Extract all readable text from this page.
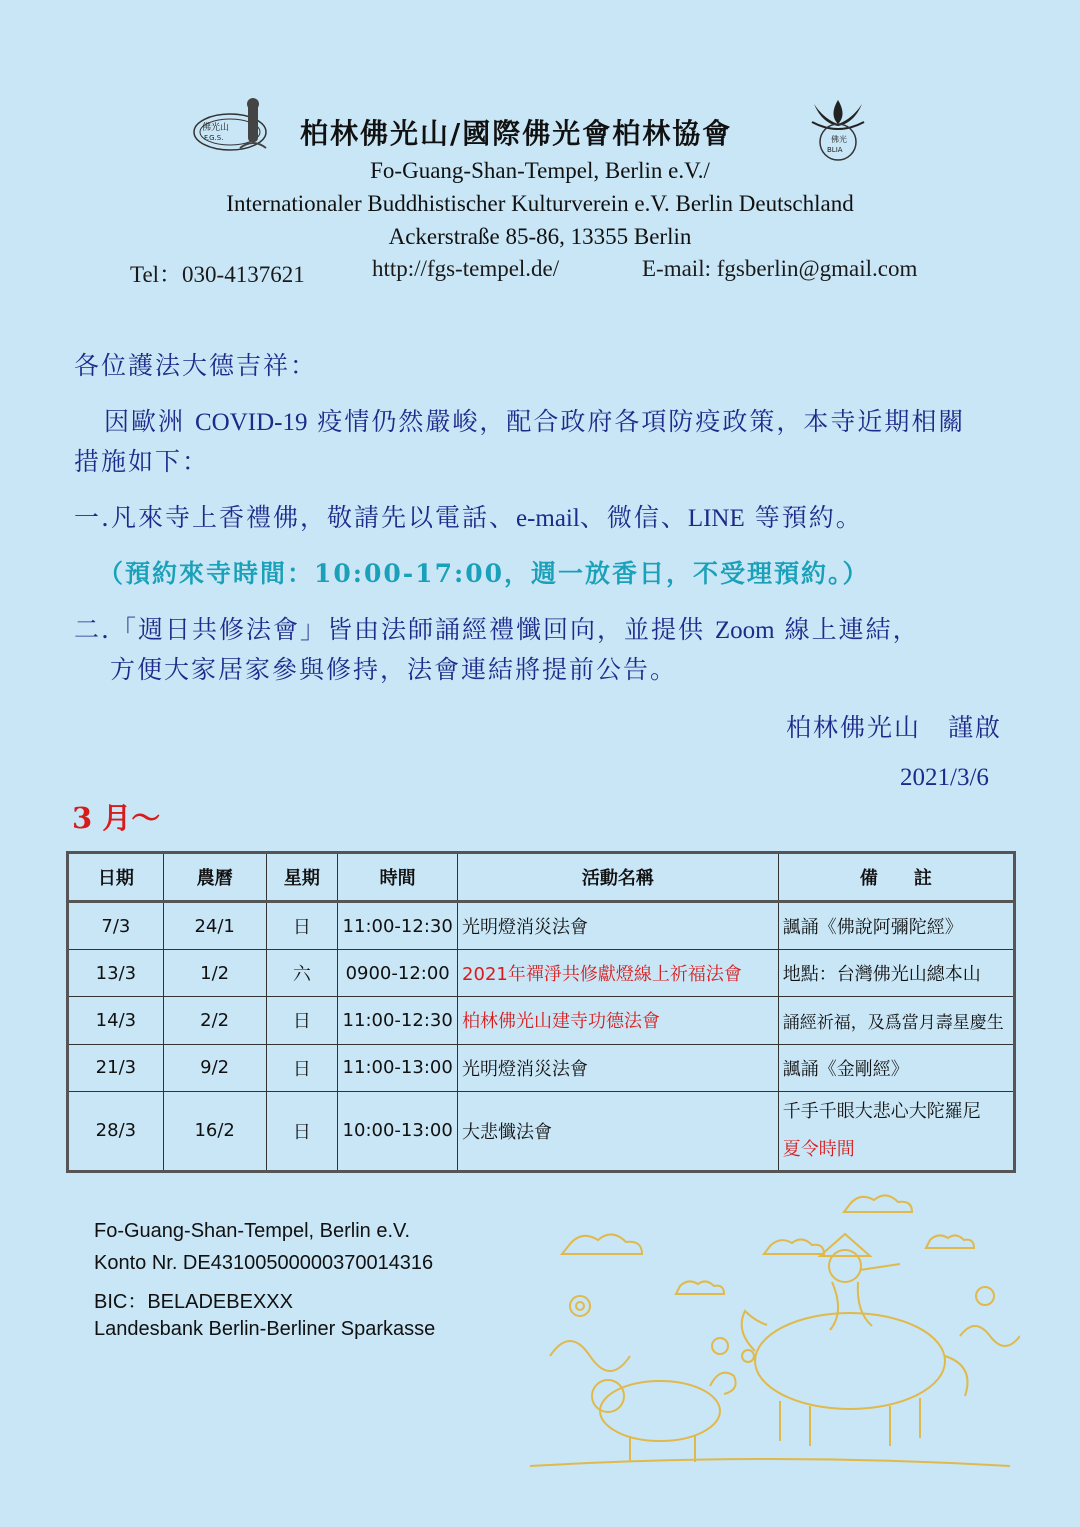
佛光山
F.G.S.	柏林佛光山/國際佛光會柏林協會	佛光
BLIA
Fo-Guang-Shan-Tempel, Berlin e.V./
Internationaler Buddhistischer Kulturverein e.V. Berlin Deutschland
Ackerstraße 85-86, 13355 Berlin
Tel：030-4137621	http://fgs-tempel.de/	E-mail: fgsberlin@gmail.com
各位護法大德吉祥：
因歐洲 COVID-19 疫情仍然嚴峻，配合政府各項防疫政策，本寺近期相關
措施如下：
一.凡來寺上香禮佛，敬請先以電話、e-mail、微信、LINE 等預約。
（預約來寺時間：10:00-17:00，週一放香日，不受理預約。）
二.「週日共修法會」皆由法師誦經禮懺回向，並提供 Zoom 線上連結，
方便大家居家參與修持，法會連結將提前公告。
柏林佛光山　謹啟
2021/3/6
3 月～
日期	農曆	星期	時間	活動名稱	備　　註
7/3	24/1	日	11:00-12:30	光明燈消災法會	諷誦《佛說阿彌陀經》
13/3	1/2	六	0900-12:00	2021年禪淨共修獻燈線上祈福法會	地點：台灣佛光山總本山
14/3	2/2	日	11:00-12:30	柏林佛光山建寺功德法會	誦經祈福，及爲當月壽星慶生
21/3	9/2	日	11:00-13:00	光明燈消災法會	諷誦《金剛經》
28/3	16/2	日	10:00-13:00	大悲懺法會	千手千眼大悲心大陀羅尼
夏令時間
Fo-Guang-Shan-Tempel, Berlin e.V.
Konto Nr. DE43100500000370014316
BIC：BELADEBEXXX
Landesbank Berlin-Berliner Sparkasse
